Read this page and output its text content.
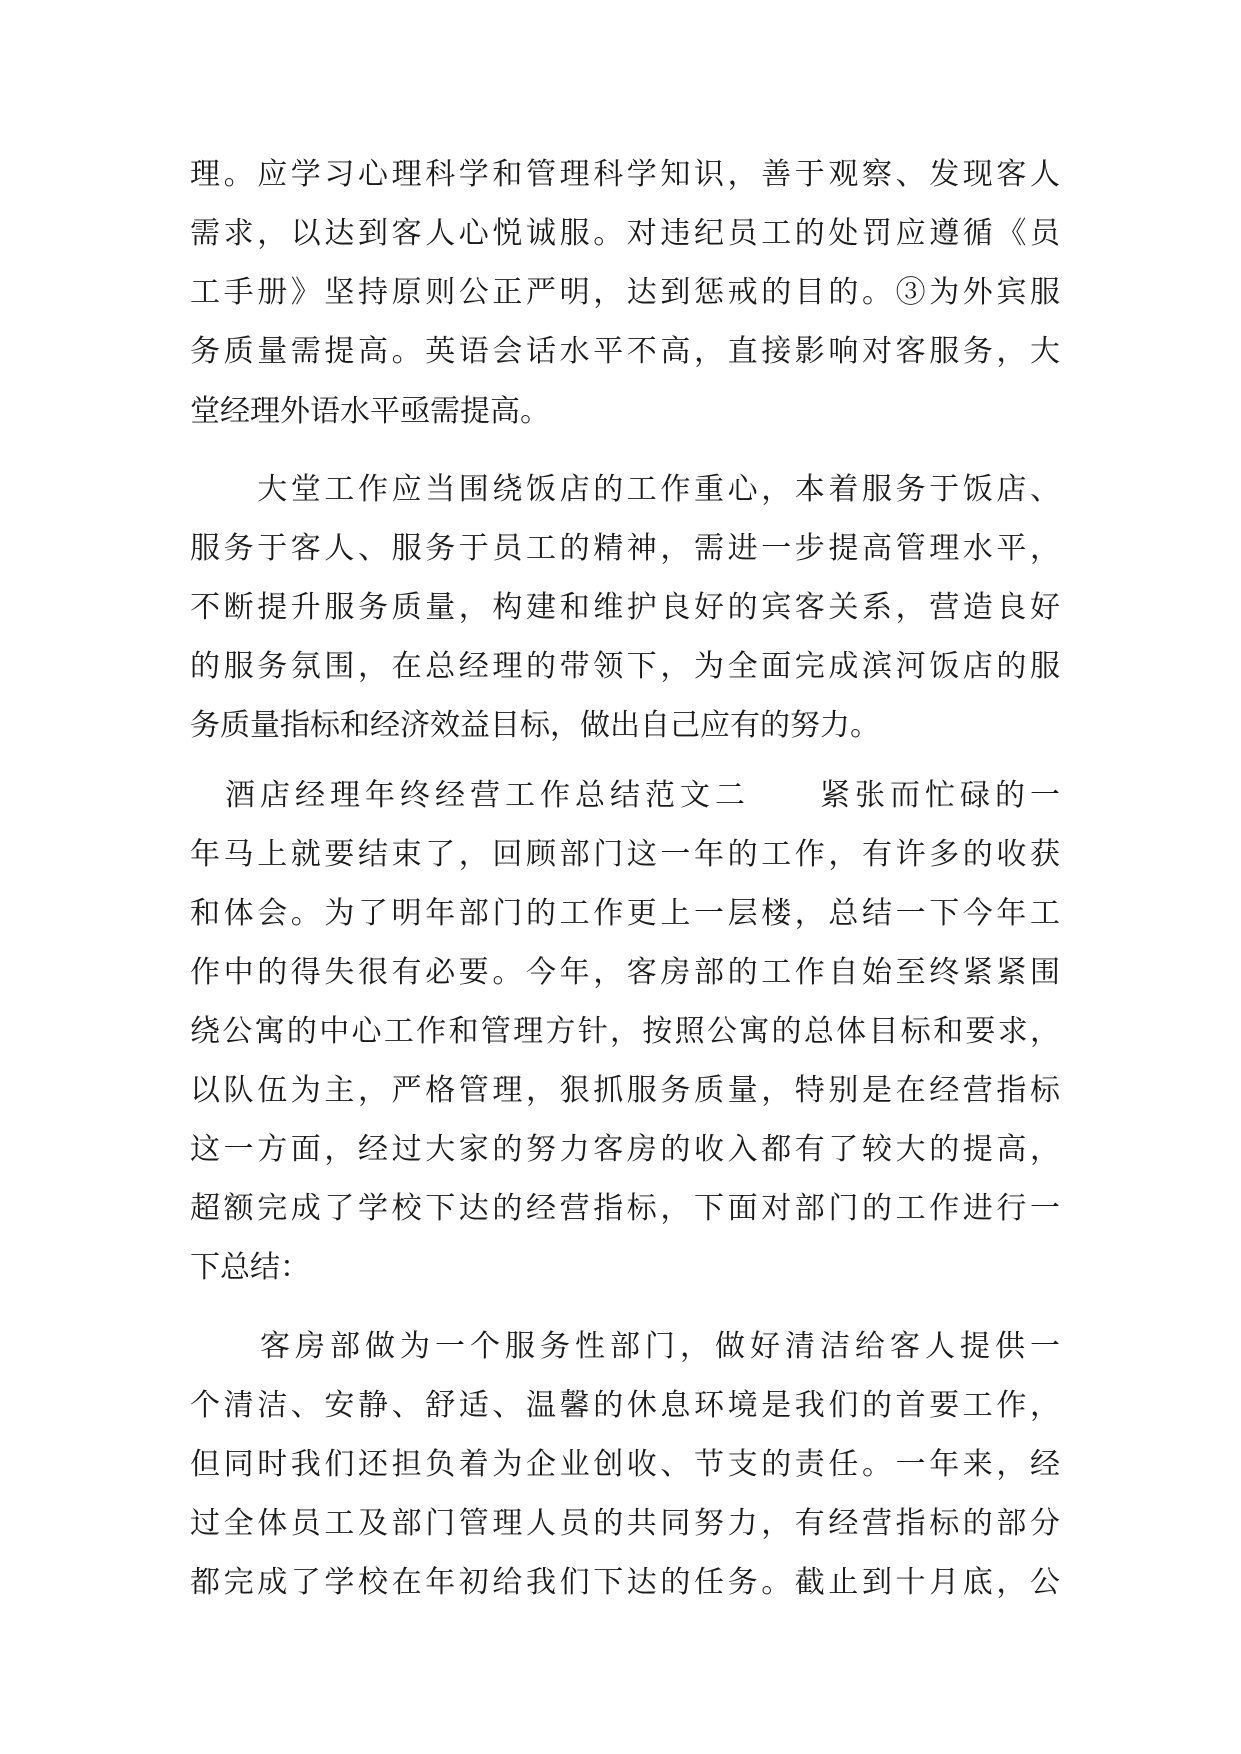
理。应学习心理科学和管理科学知识，善于观察、发现客人
需求，以达到客人心悦诚服。对违纪员工的处罚应遵循《员
工手册》坚持原则公正严明，达到惩戒的目的。③为外宾服
务质量需提高。英语会话水平不高，直接影响对客服务，大
堂经理外语水平亟需提高。
　　大堂工作应当围绕饭店的工作重心，本着服务于饭店、
服务于客人、服务于员工的精神，需进一步提高管理水平，
不断提升服务质量，构建和维护良好的宾客关系，营造良好
的服务氛围，在总经理的带领下，为全面完成滨河饭店的服
务质量指标和经济效益目标，做出自己应有的努力。
　酒店经理年终经营工作总结范文二　　紧张而忙碌的一
年马上就要结束了，回顾部门这一年的工作，有许多的收获
和体会。为了明年部门的工作更上一层楼，总结一下今年工
作中的得失很有必要。今年，客房部的工作自始至终紧紧围
绕公寓的中心工作和管理方针，按照公寓的总体目标和要求，
以队伍为主，严格管理，狠抓服务质量，特别是在经营指标
这一方面，经过大家的努力客房的收入都有了较大的提高，
超额完成了学校下达的经营指标，下面对部门的工作进行一
下总结：
　　客房部做为一个服务性部门，做好清洁给客人提供一
个清洁、安静、舒适、温馨的休息环境是我们的首要工作，
但同时我们还担负着为企业创收、节支的责任。一年来，经
过全体员工及部门管理人员的共同努力，有经营指标的部分
都完成了学校在年初给我们下达的任务。截止到十月底，公
